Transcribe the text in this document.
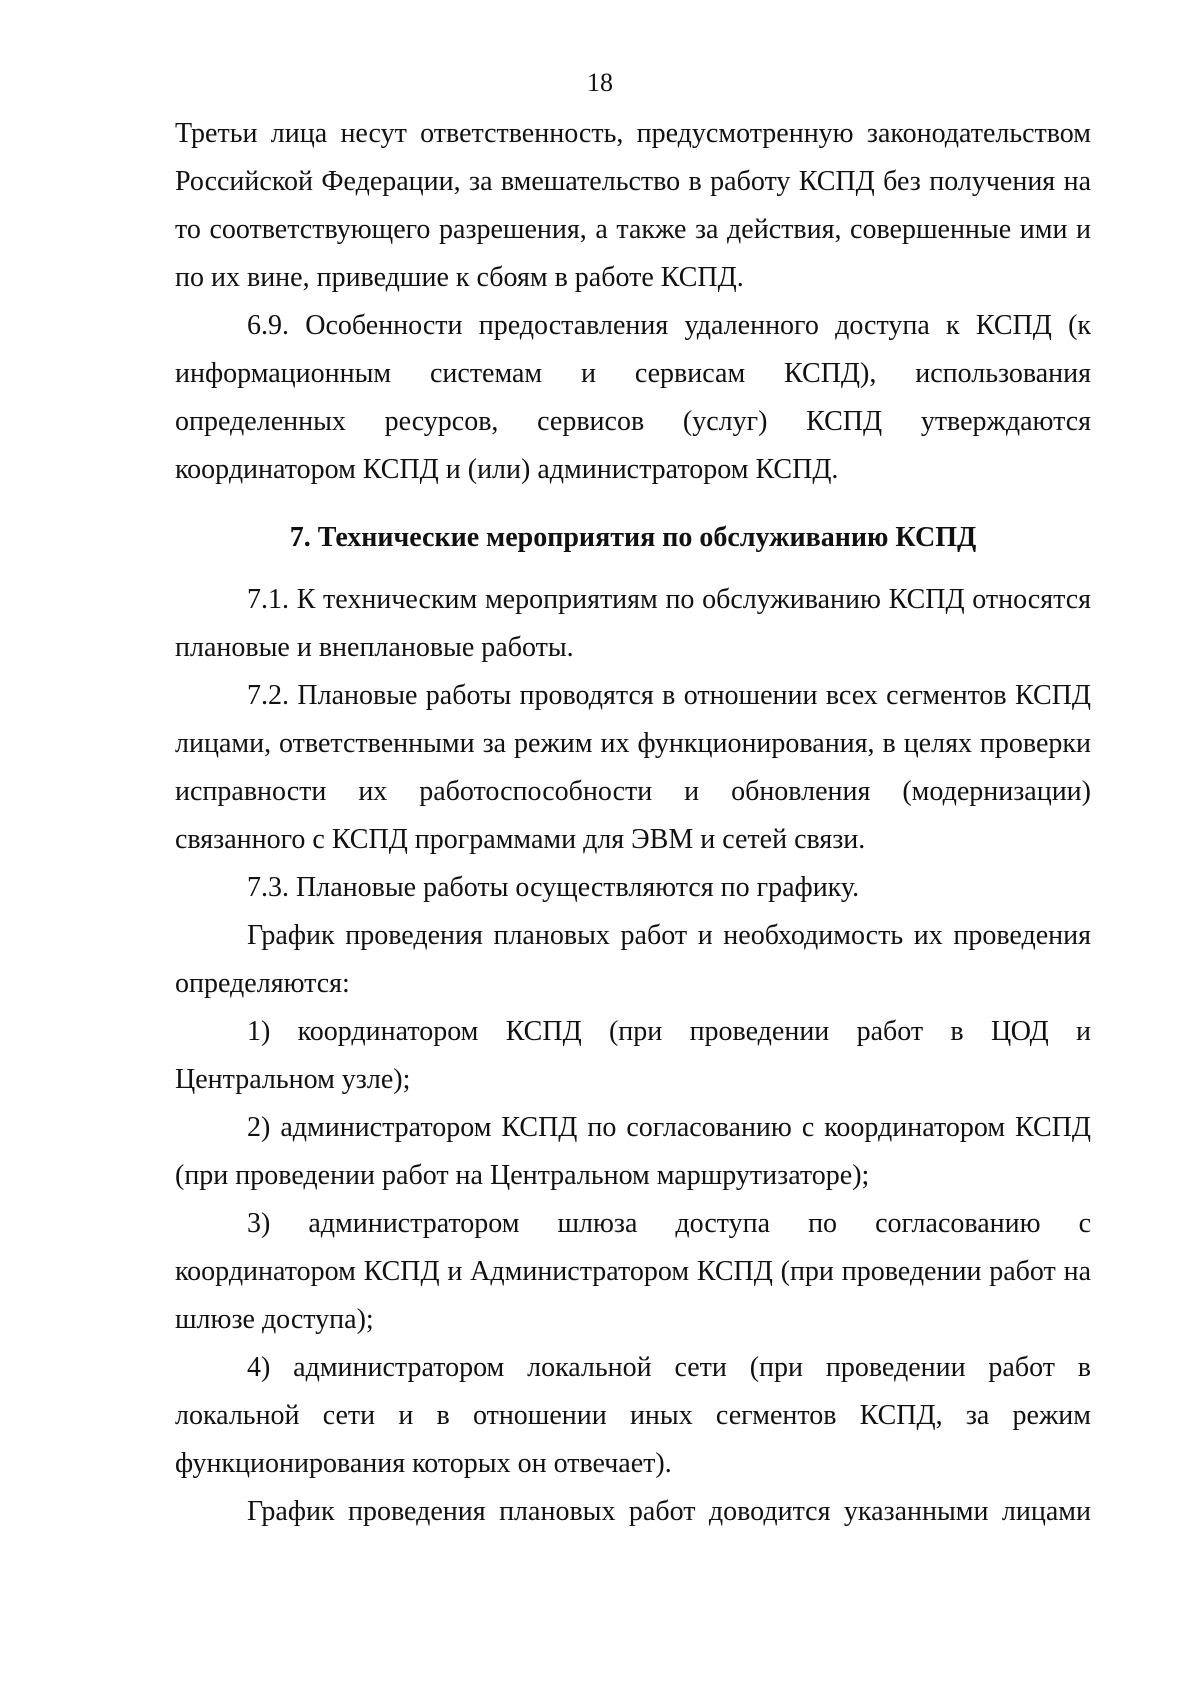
18

Третьи лица несут ответственность, предусмотренную законодательством Российской Федерации, за вмешательство в работу КСПД без получения на то соответствующего разрешения, а также за действия, совершенные ими и по их вине, приведшие к сбоям в работе КСПД.

6.9. Особенности предоставления удаленного доступа к КСПД (к информационным системам и сервисам КСПД), использования определенных ресурсов, сервисов (услуг) КСПД утверждаются координатором КСПД и (или) администратором КСПД.

7. Технические мероприятия по обслуживанию КСПД

7.1. К техническим мероприятиям по обслуживанию КСПД относятся плановые и внеплановые работы.

7.2. Плановые работы проводятся в отношении всех сегментов КСПД лицами, ответственными за режим их функционирования, в целях проверки исправности их работоспособности и обновления (модернизации) связанного с КСПД программами для ЭВМ и сетей связи.

7.3. Плановые работы осуществляются по графику.

График проведения плановых работ и необходимость их проведения определяются:

1) координатором КСПД (при проведении работ в ЦОД и Центральном узле);

2) администратором КСПД по согласованию с координатором КСПД (при проведении работ на Центральном маршрутизаторе);

3) администратором шлюза доступа по согласованию с координатором КСПД и Администратором КСПД (при проведении работ на шлюзе доступа);

4) администратором локальной сети (при проведении работ в локальной сети и в отношении иных сегментов КСПД, за режим функционирования которых он отвечает).

График проведения плановых работ доводится указанными лицами
